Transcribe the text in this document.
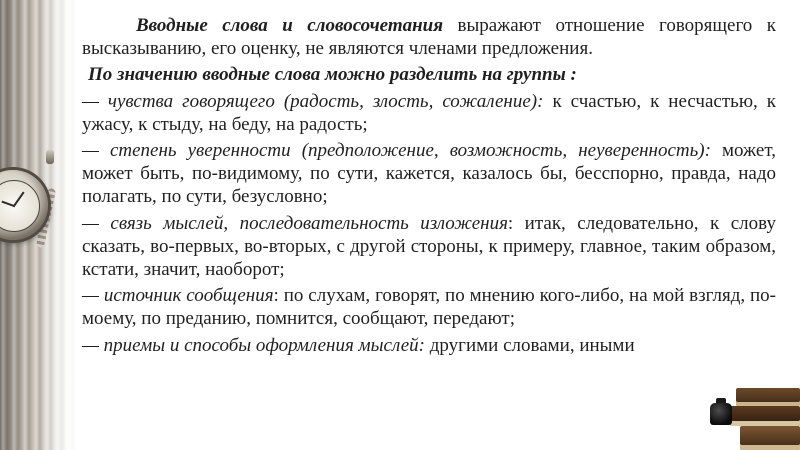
Вводные слова и словосочетания выражают отношение говорящего к высказыванию, его оценку, не являются членами предложения.

По значению вводные слова можно разделить на группы :

— чувства говорящего (радость, злость, сожаление): к счастью, к несчастью, к ужасу, к стыду, на беду, на радость;

— степень уверенности (предположение, возможность, неуверенность): может, может быть, по-видимому, по сути, кажется, казалось бы, бесспорно, правда, надо полагать, по сути, безусловно;

— связь мыслей, последовательность изложения: итак, следовательно, к слову сказать, во-первых, во-вторых, с другой стороны, к примеру, главное, таким образом, кстати, значит, наоборот;

— источник сообщения: по слухам, говорят, по мнению кого-либо, на мой взгляд, по-моему, по преданию, помнится, сообщают, передают;

— приемы и способы оформления мыслей: другими словами, иными
